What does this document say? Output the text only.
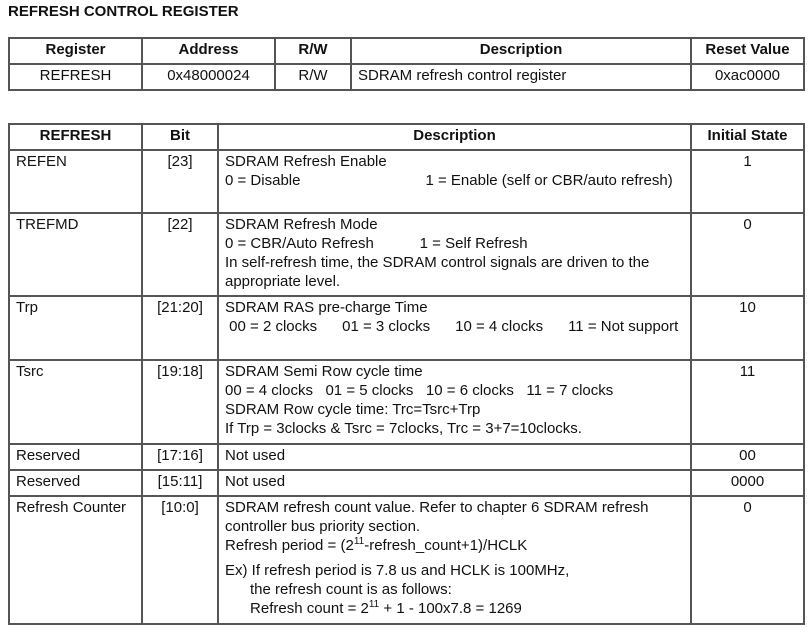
REFRESH CONTROL REGISTER
Register	Address	R/W	Description	Reset Value
REFRESH	0x48000024	R/W	SDRAM refresh control register	0xac0000
REFRESH	Bit	Description	Initial State
REFEN	[23]	SDRAM Refresh Enable
0 = Disable                              1 = Enable (self or CBR/auto refresh)	1
TREFMD	[22]	SDRAM Refresh Mode
0 = CBR/Auto Refresh           1 = Self Refresh
In self-refresh time, the SDRAM control signals are driven to the appropriate level.	0
Trp	[21:20]	SDRAM RAS pre-charge Time
00 = 2 clocks      01 = 3 clocks      10 = 4 clocks      11 = Not support	10
Tsrc	[19:18]	SDRAM Semi Row cycle time
00 = 4 clocks   01 = 5 clocks   10 = 6 clocks   11 = 7 clocks
SDRAM Row cycle time: Trc=Tsrc+Trp
If Trp = 3clocks & Tsrc = 7clocks, Trc = 3+7=10clocks.	11
Reserved	[17:16]	Not used	00
Reserved	[15:11]	Not used	0000
Refresh Counter	[10:0]	SDRAM refresh count value. Refer to chapter 6 SDRAM refresh controller bus priority section.
Refresh period = $(2^{11}-refresh\_count+1)$/HCLK
Ex) If refresh period is 7.8 us and HCLK is 100MHz,
the refresh count is as follows:
Refresh count = $2^{11} + 1 - 100x7.8 = 1269$	0
